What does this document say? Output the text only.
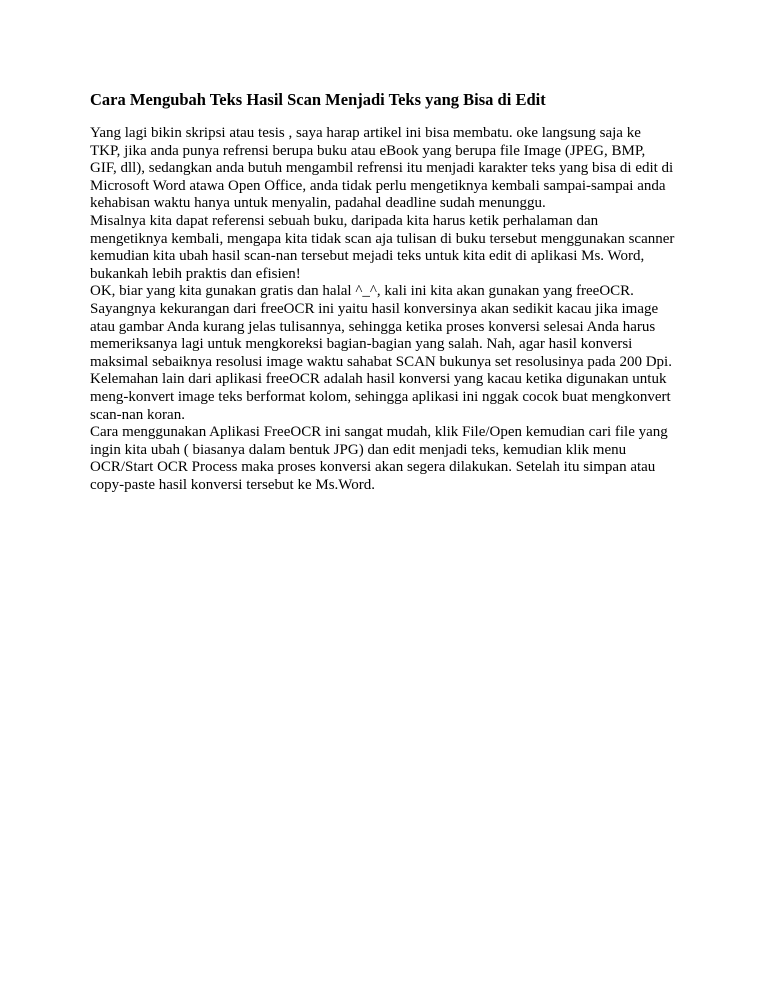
Cara Mengubah Teks Hasil Scan Menjadi Teks yang Bisa di Edit
Yang lagi bikin skripsi atau tesis , saya harap artikel ini bisa membatu. oke langsung saja ke
TKP, jika anda punya refrensi berupa buku atau eBook yang berupa file Image (JPEG, BMP,
GIF, dll), sedangkan anda butuh mengambil refrensi itu menjadi karakter teks yang bisa di edit di
Microsoft Word atawa Open Office, anda tidak perlu mengetiknya kembali sampai-sampai anda
kehabisan waktu hanya untuk menyalin, padahal deadline sudah menunggu.
Misalnya kita dapat referensi sebuah buku, daripada kita harus ketik perhalaman dan
mengetiknya kembali, mengapa kita tidak scan aja tulisan di buku tersebut menggunakan scanner
kemudian kita ubah hasil scan-nan tersebut mejadi teks untuk kita edit di aplikasi Ms. Word,
bukankah lebih praktis dan efisien!
OK, biar yang kita gunakan gratis dan halal ^_^, kali ini kita akan gunakan yang freeOCR.
Sayangnya kekurangan dari freeOCR ini yaitu hasil konversinya akan sedikit kacau jika image
atau gambar Anda kurang jelas tulisannya, sehingga ketika proses konversi selesai Anda harus
memeriksanya lagi untuk mengkoreksi bagian-bagian yang salah. Nah, agar hasil konversi
maksimal sebaiknya resolusi image waktu sahabat SCAN bukunya set resolusinya pada 200 Dpi.
Kelemahan lain dari aplikasi freeOCR adalah hasil konversi yang kacau ketika digunakan untuk
meng-konvert image teks berformat kolom, sehingga aplikasi ini nggak cocok buat mengkonvert
scan-nan koran.
Cara menggunakan Aplikasi FreeOCR ini sangat mudah, klik File/Open kemudian cari file yang
ingin kita ubah ( biasanya dalam bentuk JPG) dan edit menjadi teks, kemudian klik menu
OCR/Start OCR Process maka proses konversi akan segera dilakukan. Setelah itu simpan atau
copy-paste hasil konversi tersebut ke Ms.Word.
